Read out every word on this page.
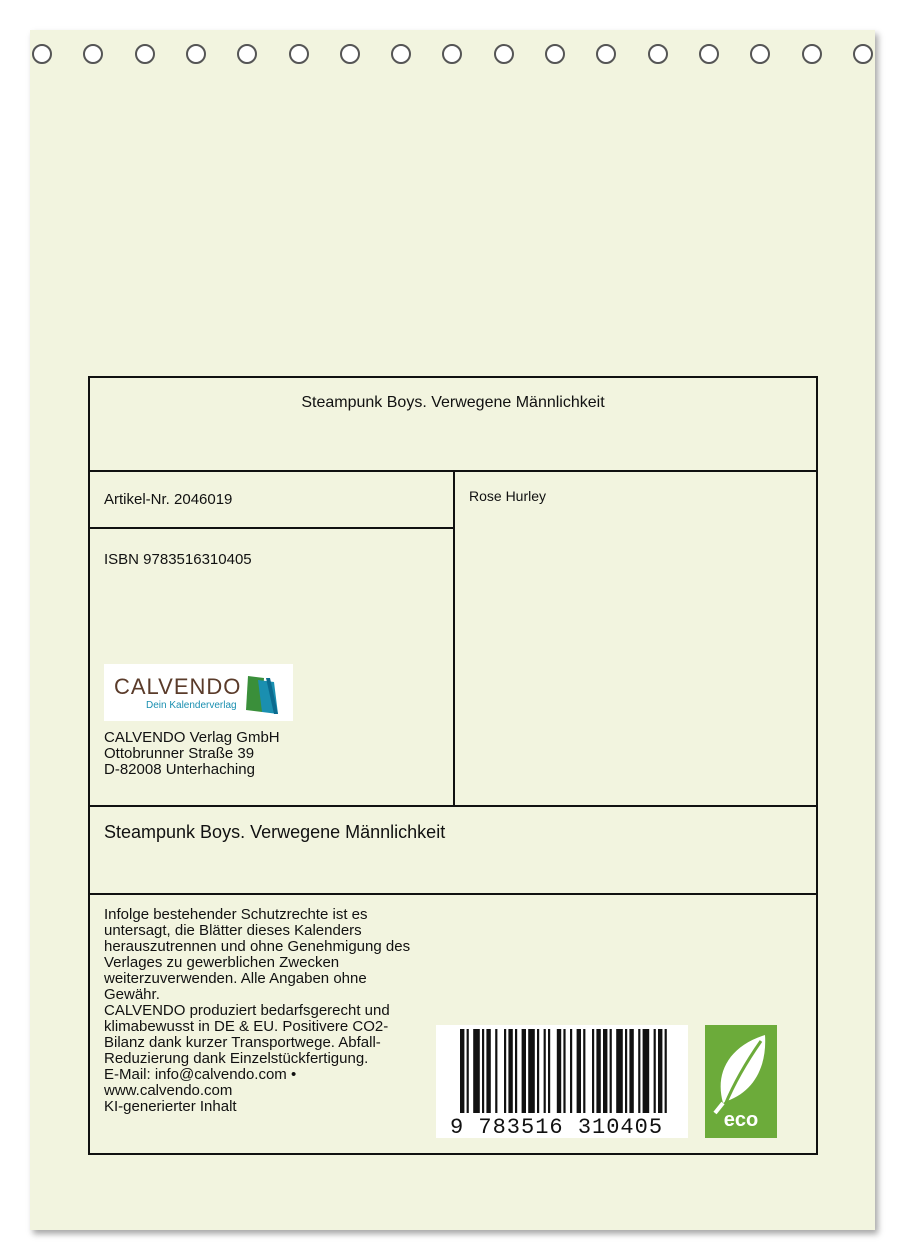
Steampunk Boys. Verwegene Männlichkeit
Artikel-Nr. 2046019	Rose Hurley
ISBN 9783516310405
CALVENDO
Dein Kalenderverlag
CALVENDO Verlag GmbH
Ottobrunner Straße 39
D-82008 Unterhaching
Steampunk Boys. Verwegene Männlichkeit
Infolge bestehender Schutzrechte ist es
untersagt, die Blätter dieses Kalenders
herauszutrennen und ohne Genehmigung des
Verlages zu gewerblichen Zwecken
weiterzuverwenden. Alle Angaben ohne
Gewähr.
CALVENDO produziert bedarfsgerecht und
klimabewusst in DE & EU. Positivere CO2-
Bilanz dank kurzer Transportwege. Abfall-
Reduzierung dank Einzelstückfertigung.
E-Mail: info@calvendo.com •
www.calvendo.com
KI-generierter Inhalt
9 783516 310405	eco
